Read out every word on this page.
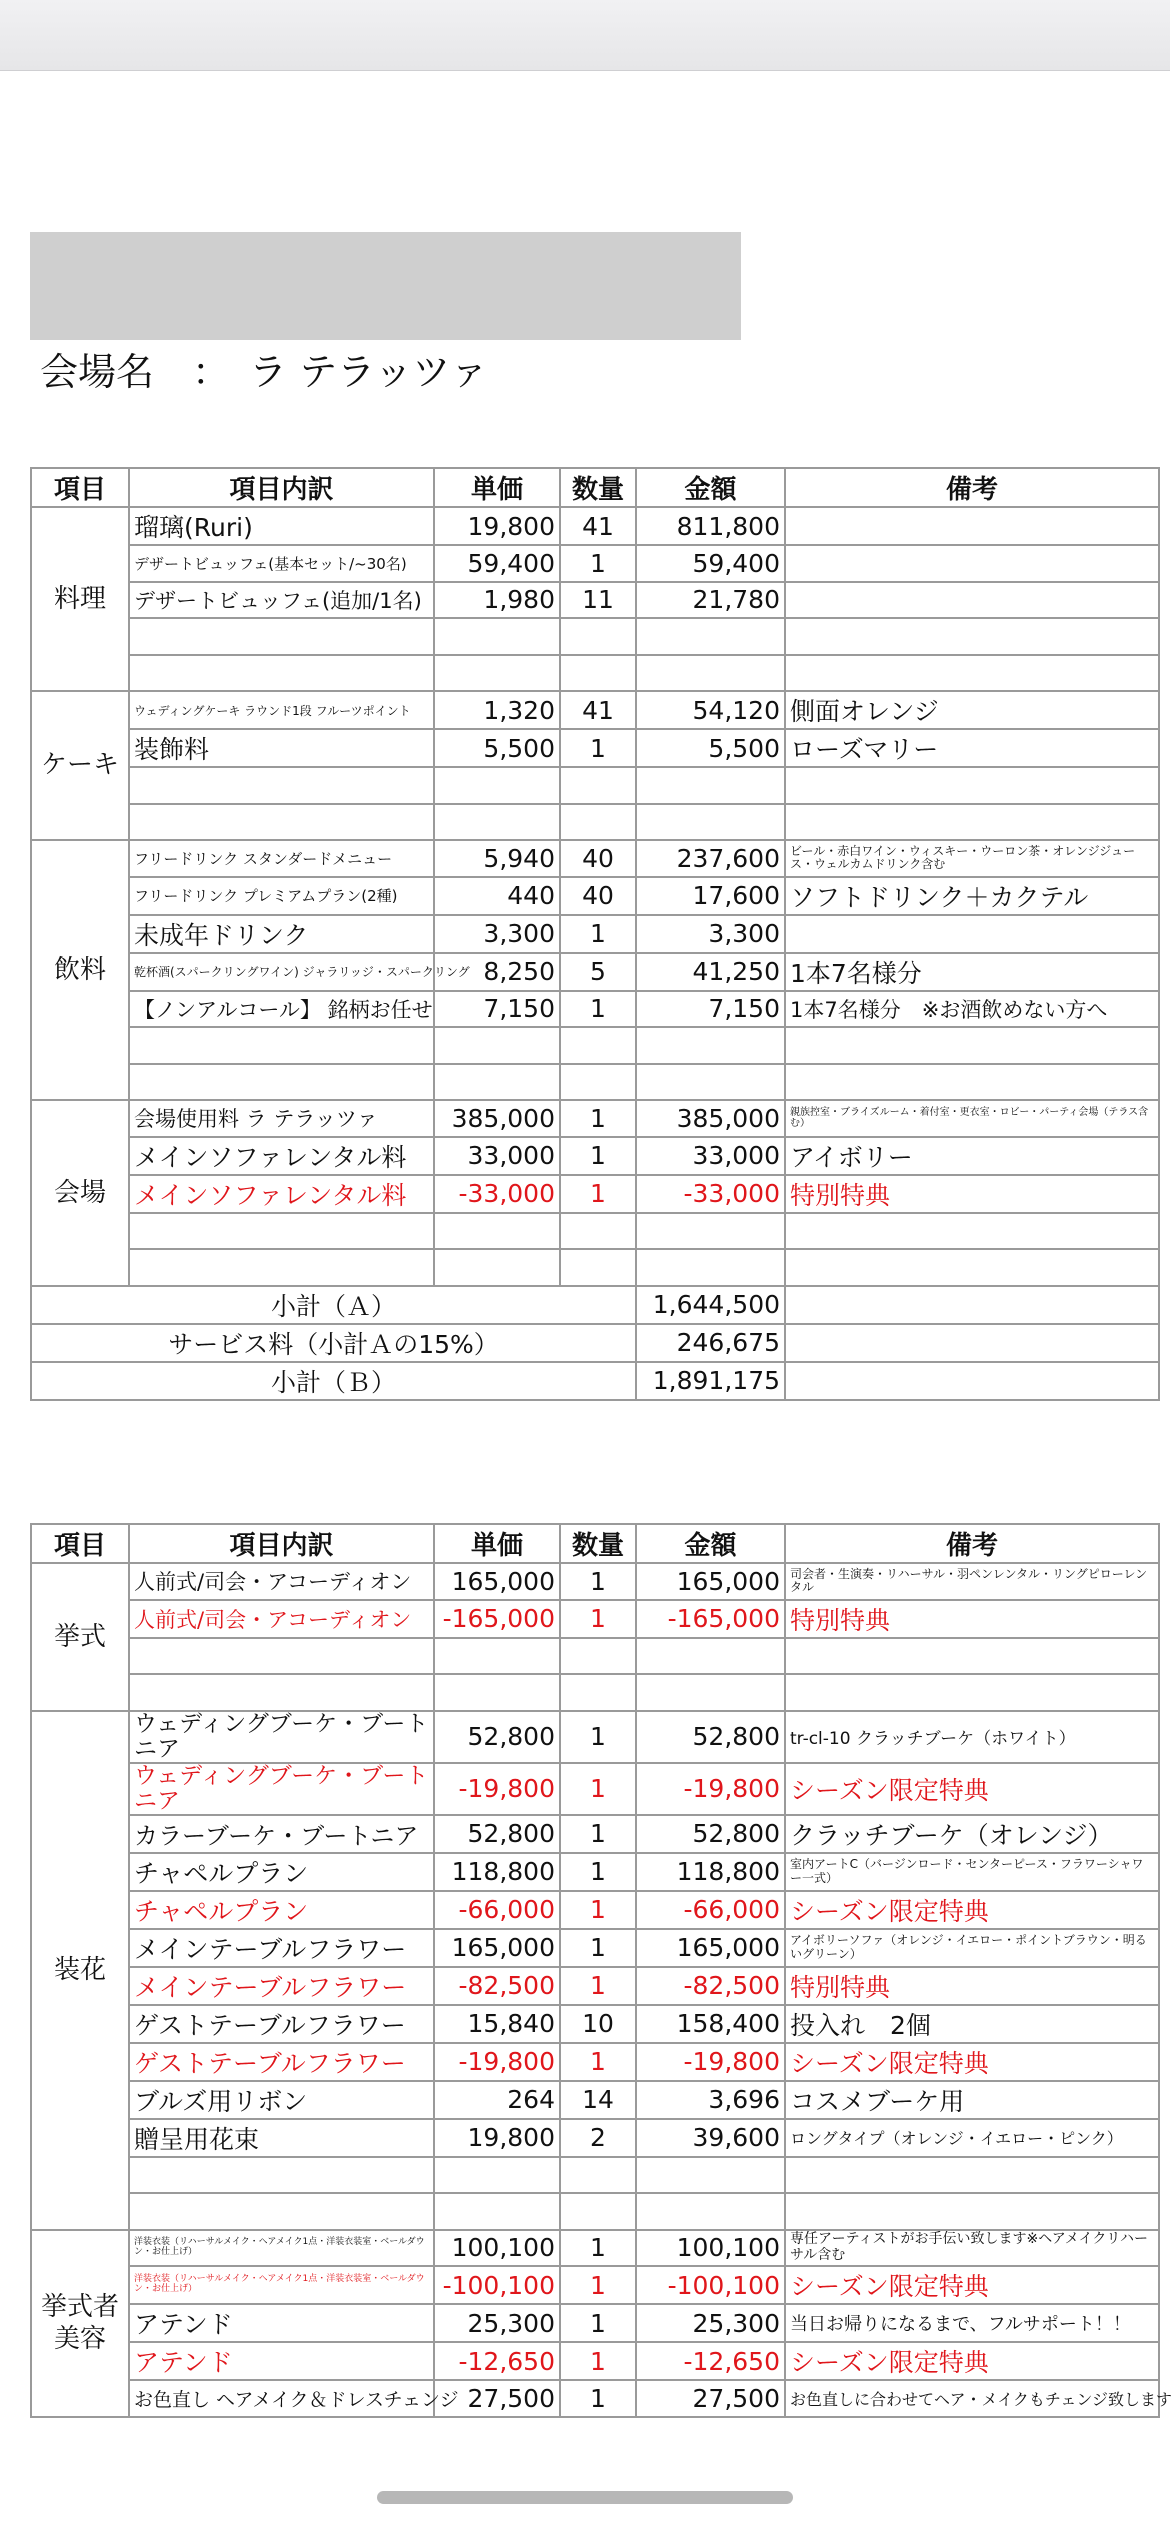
会場名　：　ラ テラッツァ
項目	項目内訳	単価	数量	金額	備考
料理	瑠璃(Ruri)	19,800	41	811,800	
	デザートビュッフェ(基本セット/~30名)	59,400	1	59,400	
	デザートビュッフェ(追加/1名)	1,980	11	21,780	

ケーキ	ウェディングケーキ ラウンド1段 フルーツポイント	1,320	41	54,120	側面オレンジ
	装飾料	5,500	1	5,500	ローズマリー

飲料	フリードリンク スタンダードメニュー	5,940	40	237,600	ビール・赤白ワイン・ウィスキー・ウーロン茶・オレンジジュース・ウェルカムドリンク含む
	フリードリンク プレミアムプラン(2種)	440	40	17,600	ソフトドリンク＋カクテル
	未成年ドリンク	3,300	1	3,300	
	乾杯酒(スパークリングワイン) ジャラリッジ・スパークリング	8,250	5	41,250	1本7名様分
	【ノンアルコール】 銘柄お任せ	7,150	1	7,150	1本7名様分　※お酒飲めない方へ

会場	会場使用料 ラ テラッツァ	385,000	1	385,000	親族控室・ブライズルーム・着付室・更衣室・ロビー・パーティ会場（テラス含む）
	メインソファレンタル料	33,000	1	33,000	アイボリー
	メインソファレンタル料	-33,000	1	-33,000	特別特典

小計（Ａ）				1,644,500	
サービス料（小計Ａの15%）				246,675	
小計（Ｂ）				1,891,175	
項目	項目内訳	単価	数量	金額	備考
挙式	人前式/司会・アコーディオン	165,000	1	165,000	司会者・生演奏・リハーサル・羽ペンレンタル・リングピローレンタル
	人前式/司会・アコーディオン	-165,000	1	-165,000	特別特典

装花	ウェディングブーケ・ブートニア	52,800	1	52,800	tr-cl-10 クラッチブーケ（ホワイト）
	ウェディングブーケ・ブートニア	-19,800	1	-19,800	シーズン限定特典
	カラーブーケ・ブートニア	52,800	1	52,800	クラッチブーケ（オレンジ）
	チャペルプラン	118,800	1	118,800	室内アートC（バージンロード・センターピース・フラワーシャワー一式）
	チャペルプラン	-66,000	1	-66,000	シーズン限定特典
	メインテーブルフラワー	165,000	1	165,000	アイボリーソファ（オレンジ・イエロー・ポイントブラウン・明るいグリーン）
	メインテーブルフラワー	-82,500	1	-82,500	特別特典
	ゲストテーブルフラワー	15,840	10	158,400	投入れ　2個
	ゲストテーブルフラワー	-19,800	1	-19,800	シーズン限定特典
	ブルズ用リボン	264	14	3,696	コスメブーケ用
	贈呈用花束	19,800	2	39,600	ロングタイプ（オレンジ・イエロー・ピンク）

挙式者美容	洋装衣装（リハーサルメイク・ヘアメイク1点・洋装衣装室・ベールダウン・お仕上げ）	100,100	1	100,100	専任アーティストがお手伝い致します※ヘアメイクリハーサル含む
	洋装衣装（リハーサルメイク・ヘアメイク1点・洋装衣装室・ベールダウン・お仕上げ）	-100,100	1	-100,100	シーズン限定特典
	アテンド	25,300	1	25,300	当日お帰りになるまで、フルサポート！！
	アテンド	-12,650	1	-12,650	シーズン限定特典
	お色直し ヘアメイク＆ドレスチェンジ	27,500	1	27,500	お色直しに合わせてヘア・メイクもチェンジ致します
